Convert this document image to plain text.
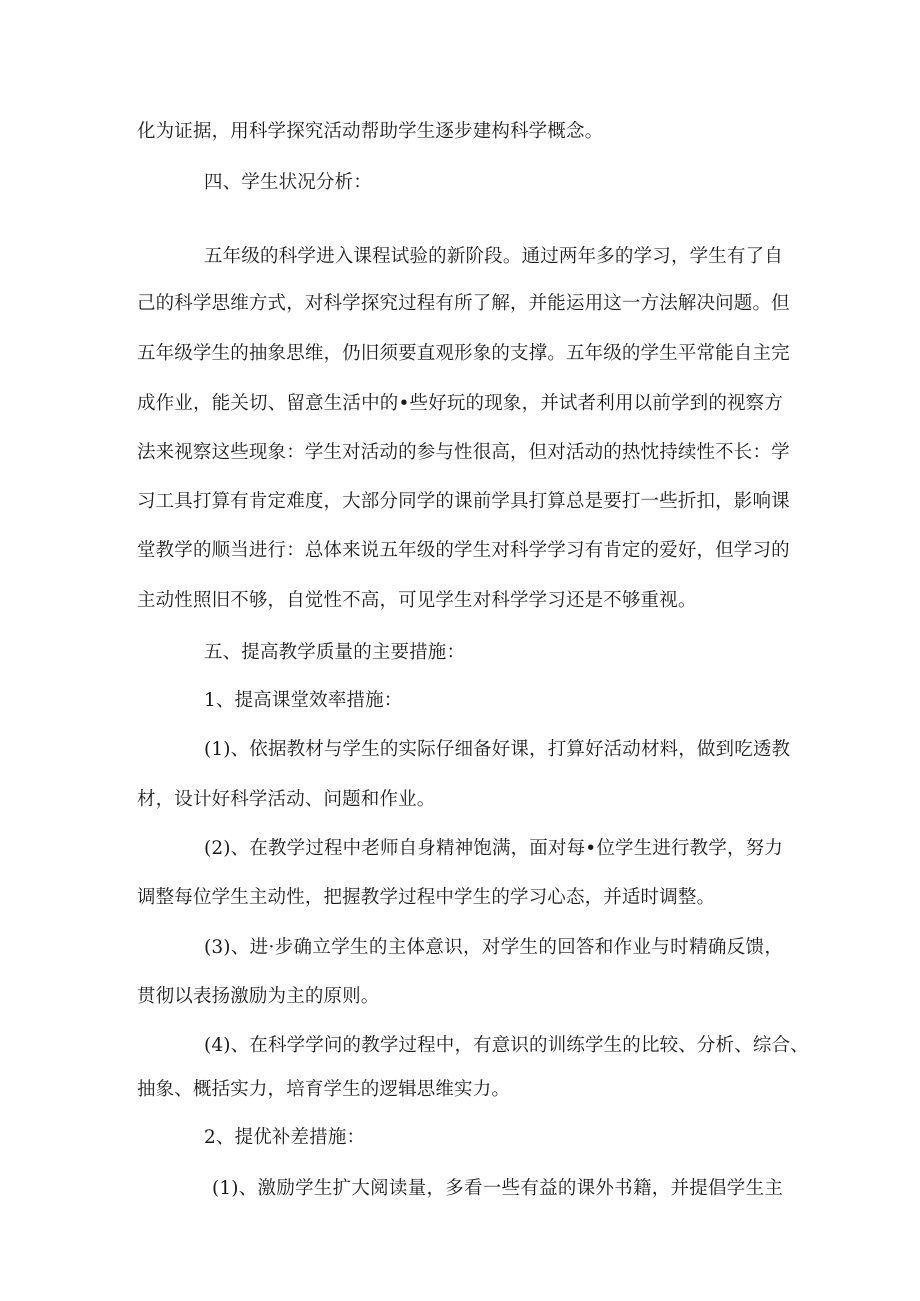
化为证据，用科学探究活动帮助学生逐步建构科学概念。
四、学生状况分析：
五年级的科学进入课程试验的新阶段。通过两年多的学习，学生有了自
己的科学思维方式，对科学探究过程有所了解，并能运用这一方法解决问题。但
五年级学生的抽象思维，仍旧须要直观形象的支撑。五年级的学生平常能自主完
成作业，能关切、留意生活中的•些好玩的现象，并试者利用以前学到的视察方
法来视察这些现象：学生对活动的参与性很高，但对活动的热忱持续性不长：学
习工具打算有肯定难度，大部分同学的课前学具打算总是要打一些折扣，影响课
堂教学的顺当进行：总体来说五年级的学生对科学学习有肯定的爱好，但学习的
主动性照旧不够，自觉性不高，可见学生对科学学习还是不够重视。
五、提高教学质量的主要措施：
1、提高课堂效率措施：
(1)、依据教材与学生的实际仔细备好课，打算好活动材料，做到吃透教
材，设计好科学活动、问题和作业。
(2)、在教学过程中老师自身精神饱满，面对每•位学生进行教学，努力
调整每位学生主动性，把握教学过程中学生的学习心态，并适时调整。
(3)、进·步确立学生的主体意识，对学生的回答和作业与时精确反馈，
贯彻以表扬激励为主的原则。
(4)、在科学学问的教学过程中，有意识的训练学生的比较、分析、综合、
抽象、概括实力，培育学生的逻辑思维实力。
2、提优补差措施：
(1)、激励学生扩大阅读量，多看一些有益的课外书籍，并提倡学生主
